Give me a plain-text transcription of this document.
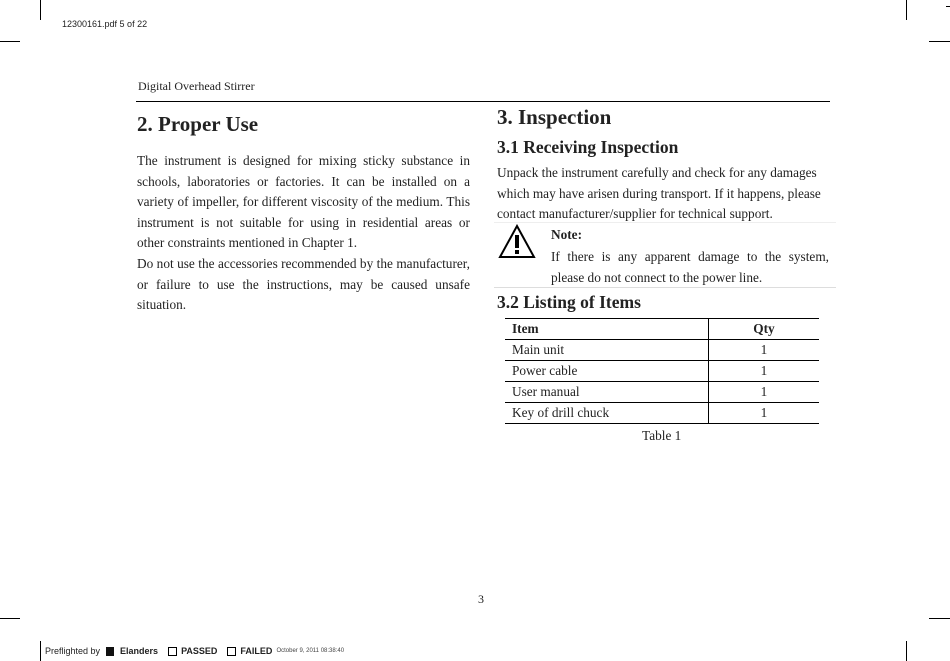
12300161.pdf 5 of 22
Digital Overhead Stirrer
2. Proper Use

The instrument is designed for mixing sticky substance in schools, laboratories or factories. It can be installed on a variety of impeller, for different viscosity of the medium. This instrument is not suitable for using in residential areas or other constraints mentioned in Chapter 1.

Do not use the accessories recommended by the manufacturer, or failure to use the instructions, may be caused unsafe situation.

3. Inspection
3.1 Receiving Inspection
Unpack the instrument carefully and check for any damages which may have arisen during transport. If it happens, please contact manufacturer/supplier for technical support.
Note:
If there is any apparent damage to the system, please do not connect to the power line.
3.2 Listing of Items
Item	Qty
Main unit	1
Power cable	1
User manual	1
Key of drill chuck	1
Table 1
3
Preflighted by Elanders	PASSED	FAILED October 9, 2011 08:38:40
